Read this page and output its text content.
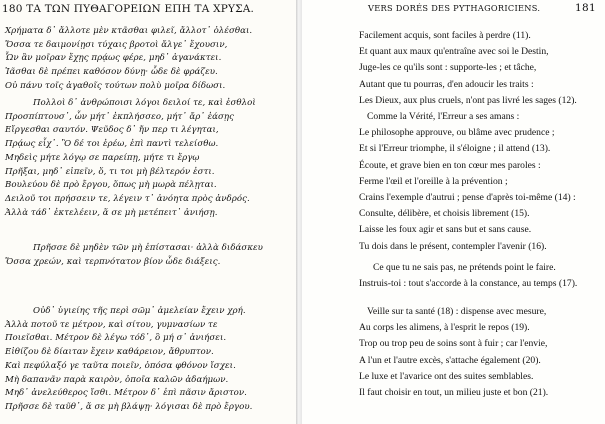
180 ΤΑ ΤΩΝ ΠΥΘΑΓΟΡΕΙΩΝ ΕΠΗ ΤΑ ΧΡΥΣΑ.
Χρήματα δ᾿ ἄλλοτε μὲν κτᾶσθαι φιλεῖ, ἄλλοτ᾿ ὀλέσθαι.
Ὅσσα τε δαιμονίῃσι τύχαις βροτοὶ ἄλγε᾿ ἔχουσιν,
Ὧν ἂν μοῖραν ἔχῃς πρᾴως φέρε, μηδ᾿ ἀγανάκτει.
Ἰᾶσθαι δὲ πρέπει καθόσον δύνῃ· ὧδε δὲ φράζευ.
Οὐ πάνυ τοῖς ἀγαθοῖς τούτων πολὺ μοῖρα δίδωσι.
Πολλοὶ δ᾿ ἀνθρώποισι λόγοι δειλοί τε, καὶ ἐσθλοὶ
Προσπίπτουσ᾿, ὧν μήτ᾿ ἐκπλήσσεο, μήτ᾿ ἄρ᾿ ἐάσῃς
Εἴργεσθαι σαυτόν. Ψεῦδος δ᾿ ἤν περ τι λέγηται,
Πρᾴως εἶχ᾿. Ὃ δέ τοι ἐρέω, ἐπὶ παντὶ τελείσθω.
Μηδεὶς μήτε λόγῳ σε παρείπῃ, μήτε τι ἔργῳ
Πρῆξαι, μηδ᾿ εἰπεῖν, ὅ, τι τοι μὴ βέλτερόν ἐστι.
Βουλεύου δὲ πρὸ ἔργου, ὅπως μὴ μωρὰ πέλῃται.
Δειλοῦ τοι πρήσσειν τε, λέγειν τ᾿ ἀνόητα πρὸς ἀνδρός.
Ἀλλὰ τάδ᾿ ἐκτελέειν, ἅ σε μὴ μετέπειτ᾿ ἀνιήσῃ.
Πρῆσσε δὲ μηδὲν τῶν μὴ ἐπίστασαι· ἀλλὰ διδάσκευ
Ὅσσα χρεών, καὶ τερπνότατον βίον ὧδε διάξεις.
Οὐδ᾿ ὑγιείης τῆς περὶ σῶμ᾿ ἀμελείαν ἔχειν χρή.
Ἀλλὰ ποτοῦ τε μέτρον, καὶ σίτου, γυμνασίων τε
Ποιεῖσθαι. Μέτρον δὲ λέγω τόδ᾿, ὃ μή σ᾿ ἀνιήσει.
Εἰθίζου δὲ δίαιταν ἔχειν καθάρειον, ἄθρυπτον.
Καὶ πεφύλαξό γε ταῦτα ποιεῖν, ὁπόσα φθόνον ἴσχει.
Μὴ δαπανᾶν παρὰ καιρὸν, ὁποῖα καλῶν ἀδαήμων.
Μηδ᾿ ἀνελεύθερος ἴσθι. Μέτρον δ᾿ ἐπὶ πᾶσιν ἄριστον.
Πρῆσσε δὲ ταῦθ᾿, ἅ σε μὴ βλάψῃ· λόγισαι δὲ πρὸ ἔργου.
VERS DORÉS DES PYTHAGORICIENS.	181
Facilement acquis, sont faciles à perdre (11).
Et quant aux maux qu'entraîne avec soi le Destin,
Juge-les ce qu'ils sont : supporte-les ; et tâche,
Autant que tu pourras, d'en adoucir les traits :
Les Dieux, aux plus cruels, n'ont pas livré les sages (12).
Comme la Vérité, l'Erreur a ses amans :
Le philosophe approuve, ou blâme avec prudence ;
Et si l'Erreur triomphe, il s'éloigne ; il attend (13).
Écoute, et grave bien en ton cœur mes paroles :
Ferme l'œil et l'oreille à la prévention ;
Crains l'exemple d'autrui ; pense d'après toi-même (14) :
Consulte, délibère, et choisis librement (15).
Laisse les foux agir et sans but et sans cause.
Tu dois dans le présent, contempler l'avenir (16).
Ce que tu ne sais pas, ne prétends point le faire.
Instruis-toi : tout s'accorde à la constance, au temps (17).
Veille sur ta santé (18) : dispense avec mesure,
Au corps les alimens, à l'esprit le repos (19).
Trop ou trop peu de soins sont à fuir ; car l'envie,
A l'un et l'autre excès, s'attache également (20).
Le luxe et l'avarice ont des suites semblables.
Il faut choisir en tout, un milieu juste et bon (21).
